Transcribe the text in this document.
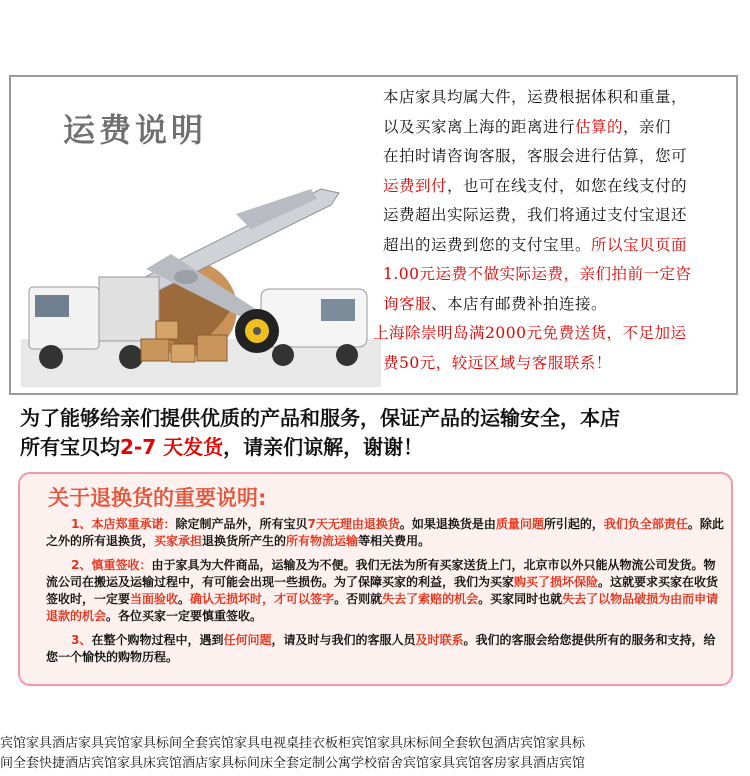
运费说明
本店家具均属大件，运费根据体积和重量，
以及买家离上海的距离进行估算的，亲们
在拍时请咨询客服，客服会进行估算，您可
运费到付，也可在线支付，如您在线支付的
运费超出实际运费，我们将通过支付宝退还
超出的运费到您的支付宝里。所以宝贝页面
1.00元运费不做实际运费，亲们拍前一定咨
询客服、本店有邮费补拍连接。
上海除崇明岛满2000元免费送货，不足加运
费50元，较远区域与客服联系！
为了能够给亲们提供优质的产品和服务，保证产品的运输安全，本店
所有宝贝均2-7 天发货，请亲们谅解，谢谢！
关于退换货的重要说明:

1、本店郑重承诺：除定制产品外，所有宝贝7天无理由退换货。如果退换货是由质量问题所引起的，我们负全部责任。除此之外的所有退换货，买家承担退换货所产生的所有物流运输等相关费用。

2、慎重签收：由于家具为大件商品，运输及为不便。我们无法为所有买家送货上门，北京市以外只能从物流公司发货。物流公司在搬运及运输过程中，有可能会出现一些损伤。为了保障买家的利益，我们为买家购买了损坏保险。这就要求买家在收货签收时，一定要当面验收。确认无损坏时，才可以签字。否则就失去了索赔的机会。买家同时也就失去了以物品破损为由而申请退款的机会。各位买家一定要慎重签收。

3、在整个购物过程中，遇到任何问题，请及时与我们的客服人员及时联系。我们的客服会给您提供所有的服务和支持，给您一个愉快的购物历程。

宾馆家具酒店家具宾馆家具标间全套宾馆家具电视桌挂衣板柜宾馆家具床标间全套软包酒店宾馆家具标
间全套快捷酒店宾馆家具床宾馆酒店家具标间床全套定制公寓学校宿舍宾馆家具宾馆客房家具酒店宾馆
